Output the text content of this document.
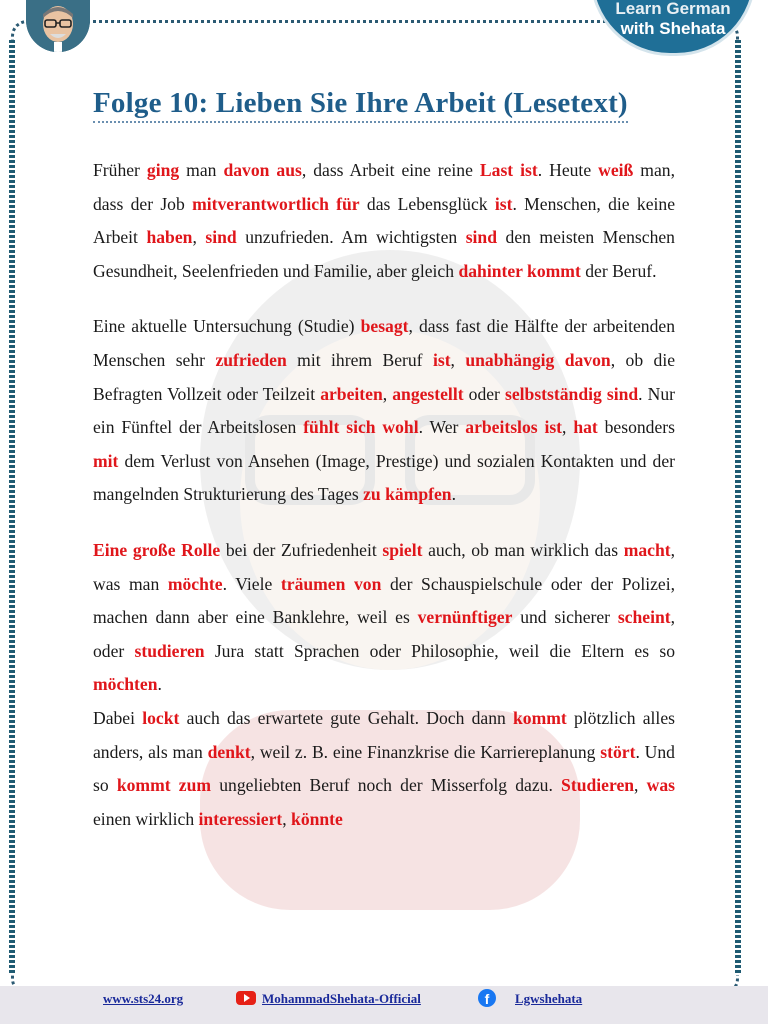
Learn German
with Shehata
Folge 10: Lieben Sie Ihre Arbeit (Lesetext)

Früher ging man davon aus, dass Arbeit eine reine Last ist. Heute weiß man, dass der Job mitverantwortlich für das Lebensglück ist. Menschen, die keine Arbeit haben, sind unzufrieden. Am wichtigsten sind den meisten Menschen Gesundheit, Seelenfrieden und Familie, aber gleich dahinter kommt der Beruf.

Eine aktuelle Untersuchung (Studie) besagt, dass fast die Hälfte der arbeitenden Menschen sehr zufrieden mit ihrem Beruf ist, unabhängig davon, ob die Befragten Vollzeit oder Teilzeit arbeiten, angestellt oder selbstständig sind. Nur ein Fünftel der Arbeitslosen fühlt sich wohl. Wer arbeitslos ist, hat besonders mit dem Verlust von Ansehen (Image, Prestige) und sozialen Kontakten und der mangelnden Strukturierung des Tages zu kämpfen.

Eine große Rolle bei der Zufriedenheit spielt auch, ob man wirklich das macht, was man möchte. Viele träumen von der Schauspielschule oder der Polizei, machen dann aber eine Banklehre, weil es vernünftiger und sicherer scheint, oder studieren Jura statt Sprachen oder Philosophie, weil die Eltern es so möchten.

Dabei lockt auch das erwartete gute Gehalt. Doch dann kommt plötzlich alles anders, als man denkt, weil z. B. eine Finanzkrise die Karriereplanung stört. Und so kommt zum ungeliebten Beruf noch der Misserfolg dazu. Studieren, was einen wirklich interessiert, könnte

www.sts24.org	MohammadShehata-Official	f	Lgwshehata
